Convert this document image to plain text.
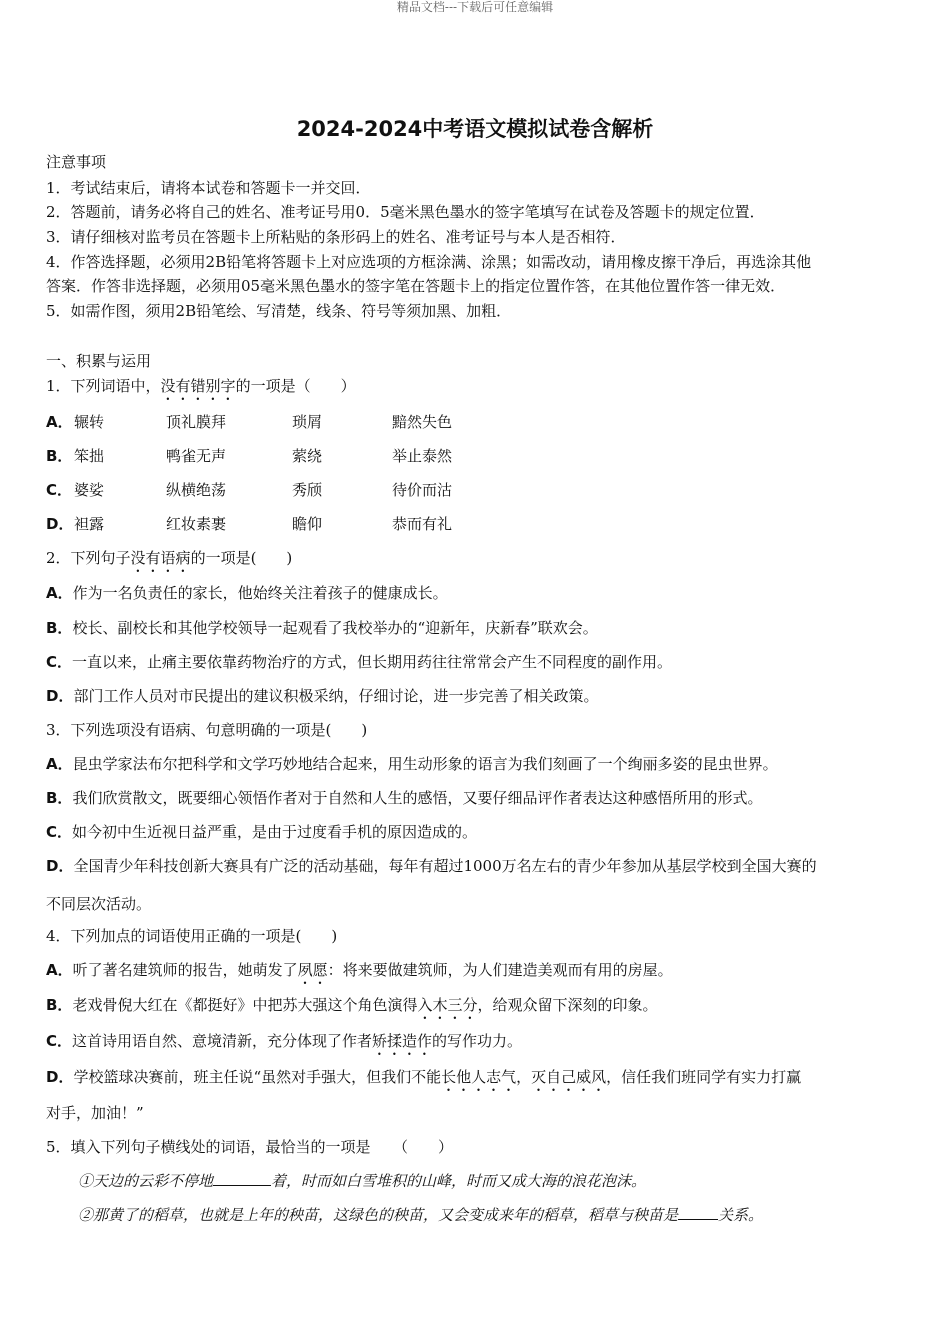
精品文档---下载后可任意编辑
2024-2024中考语文模拟试卷含解析
注意事项
1．考试结束后，请将本试卷和答题卡一并交回．
2．答题前，请务必将自己的姓名、准考证号用0．5毫米黑色墨水的签字笔填写在试卷及答题卡的规定位置．
3．请仔细核对监考员在答题卡上所粘贴的条形码上的姓名、准考证号与本人是否相符．
4．作答选择题，必须用2B铅笔将答题卡上对应选项的方框涂满、涂黑；如需改动，请用橡皮擦干净后，再选涂其他
答案．作答非选择题，必须用05毫米黑色墨水的签字笔在答题卡上的指定位置作答，在其他位置作答一律无效．
5．如需作图，须用2B铅笔绘、写清楚，线条、符号等须加黑、加粗．
一、积累与运用
1．下列词语中，没有错别字的一项是（　　）
A． 辗转	顶礼膜拜	琐屑	黯然失色
B． 笨拙	鸭雀无声	萦绕	举止泰然
C． 婆娑	纵横绝荡	秀颀	待价而沽
D． 袒露	红妆素裹	瞻仰	恭而有礼
2．下列句子没有语病的一项是(　　)
A．作为一名负责任的家长，他始终关注着孩子的健康成长。
B．校长、副校长和其他学校领导一起观看了我校举办的“迎新年，庆新春”联欢会。
C．一直以来，止痛主要依靠药物治疗的方式，但长期用药往往常常会产生不同程度的副作用。
D．部门工作人员对市民提出的建议积极采纳，仔细讨论，进一步完善了相关政策。
3．下列选项没有语病、句意明确的一项是(　　)
A．昆虫学家法布尔把科学和文学巧妙地结合起来，用生动形象的语言为我们刻画了一个绚丽多姿的昆虫世界。
B．我们欣赏散文，既要细心领悟作者对于自然和人生的感悟，又要仔细品评作者表达这种感悟所用的形式。
C．如今初中生近视日益严重，是由于过度看手机的原因造成的。
D．全国青少年科技创新大赛具有广泛的活动基础，每年有超过1000万名左右的青少年参加从基层学校到全国大赛的
不同层次活动。
4．下列加点的词语使用正确的一项是(　　)
A．听了著名建筑师的报告，她萌发了夙愿：将来要做建筑师，为人们建造美观而有用的房屋。
B．老戏骨倪大红在《都挺好》中把苏大强这个角色演得入木三分，给观众留下深刻的印象。
C．这首诗用语自然、意境清新，充分体现了作者矫揉造作的写作功力。
D．学校篮球决赛前，班主任说“虽然对手强大，但我们不能长他人志气，灭自己威风，信任我们班同学有实力打赢
对手，加油！”
5．填入下列句子横线处的词语，最恰当的一项是　　（　　）
①天边的云彩不停地	着，时而如白雪堆积的山峰，时而又成大海的浪花泡沫。
②那黄了的稻草，也就是上年的秧苗，这绿色的秧苗，又会变成来年的稻草，稻草与秧苗是	关系。
